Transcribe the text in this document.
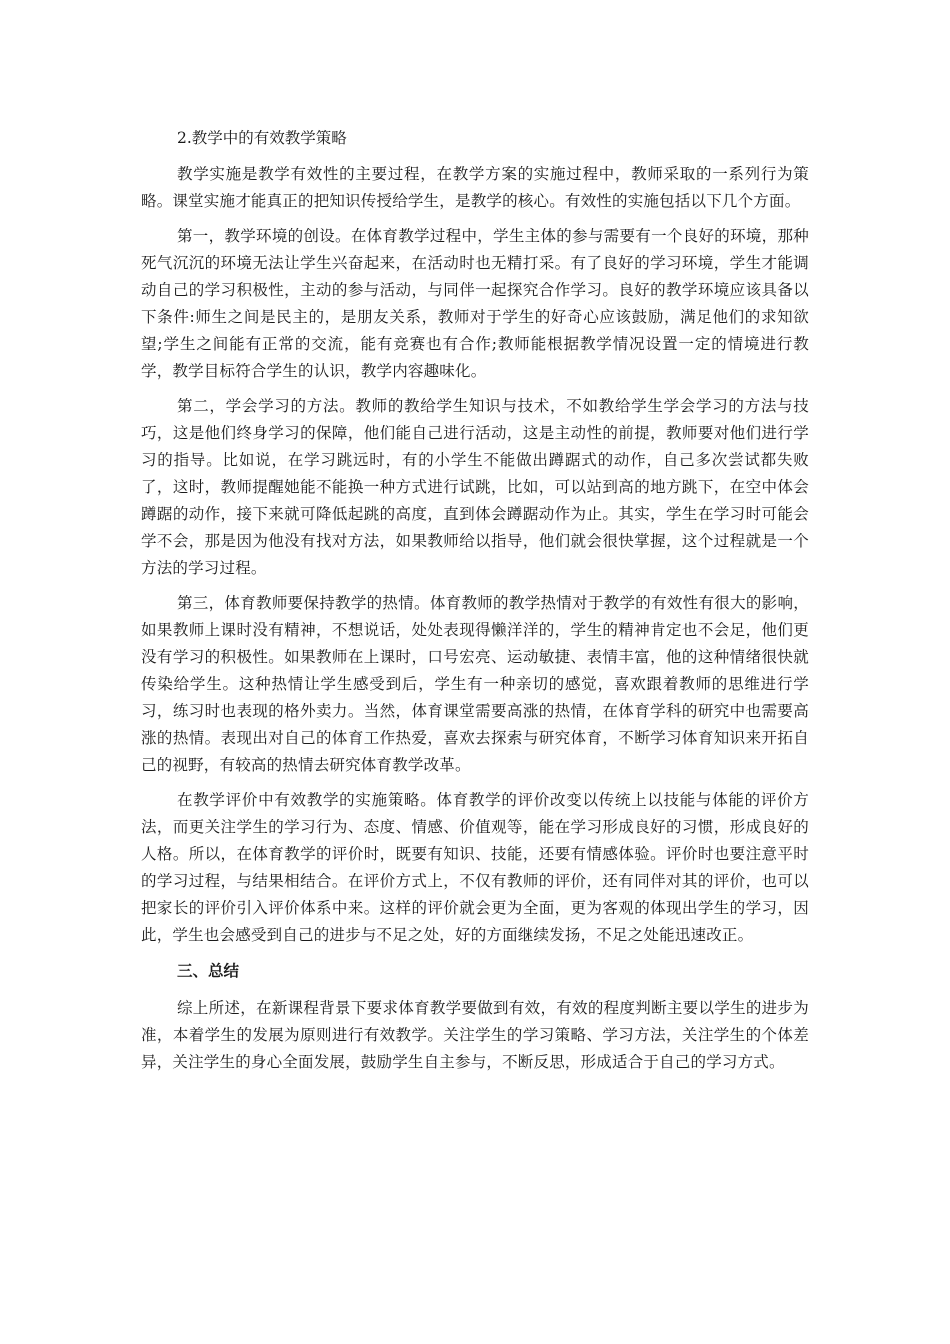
2.教学中的有效教学策略

教学实施是教学有效性的主要过程，在教学方案的实施过程中，教师采取的一系列行为策略。课堂实施才能真正的把知识传授给学生，是教学的核心。有效性的实施包括以下几个方面。

第一，教学环境的创设。在体育教学过程中，学生主体的参与需要有一个良好的环境，那种死气沉沉的环境无法让学生兴奋起来，在活动时也无精打采。有了良好的学习环境，学生才能调动自己的学习积极性，主动的参与活动，与同伴一起探究合作学习。良好的教学环境应该具备以下条件:师生之间是民主的，是朋友关系，教师对于学生的好奇心应该鼓励，满足他们的求知欲望;学生之间能有正常的交流，能有竞赛也有合作;教师能根据教学情况设置一定的情境进行教学，教学目标符合学生的认识，教学内容趣味化。

第二，学会学习的方法。教师的教给学生知识与技术，不如教给学生学会学习的方法与技巧，这是他们终身学习的保障，他们能自己进行活动，这是主动性的前提，教师要对他们进行学习的指导。比如说，在学习跳远时，有的小学生不能做出蹲踞式的动作，自己多次尝试都失败了，这时，教师提醒她能不能换一种方式进行试跳，比如，可以站到高的地方跳下，在空中体会蹲踞的动作，接下来就可降低起跳的高度，直到体会蹲踞动作为止。其实，学生在学习时可能会学不会，那是因为他没有找对方法，如果教师给以指导，他们就会很快掌握，这个过程就是一个方法的学习过程。

第三，体育教师要保持教学的热情。体育教师的教学热情对于教学的有效性有很大的影响，如果教师上课时没有精神，不想说话，处处表现得懒洋洋的，学生的精神肯定也不会足，他们更没有学习的积极性。如果教师在上课时，口号宏亮、运动敏捷、表情丰富，他的这种情绪很快就传染给学生。这种热情让学生感受到后，学生有一种亲切的感觉，喜欢跟着教师的思维进行学习，练习时也表现的格外卖力。当然，体育课堂需要高涨的热情，在体育学科的研究中也需要高涨的热情。表现出对自己的体育工作热爱，喜欢去探索与研究体育，不断学习体育知识来开拓自己的视野，有较高的热情去研究体育教学改革。

在教学评价中有效教学的实施策略。体育教学的评价改变以传统上以技能与体能的评价方法，而更关注学生的学习行为、态度、情感、价值观等，能在学习形成良好的习惯，形成良好的人格。所以，在体育教学的评价时，既要有知识、技能，还要有情感体验。评价时也要注意平时的学习过程，与结果相结合。在评价方式上，不仅有教师的评价，还有同伴对其的评价，也可以把家长的评价引入评价体系中来。这样的评价就会更为全面，更为客观的体现出学生的学习，因此，学生也会感受到自己的进步与不足之处，好的方面继续发扬，不足之处能迅速改正。

三、总结

综上所述，在新课程背景下要求体育教学要做到有效，有效的程度判断主要以学生的进步为准，本着学生的发展为原则进行有效教学。关注学生的学习策略、学习方法，关注学生的个体差异，关注学生的身心全面发展，鼓励学生自主参与，不断反思，形成适合于自己的学习方式。
